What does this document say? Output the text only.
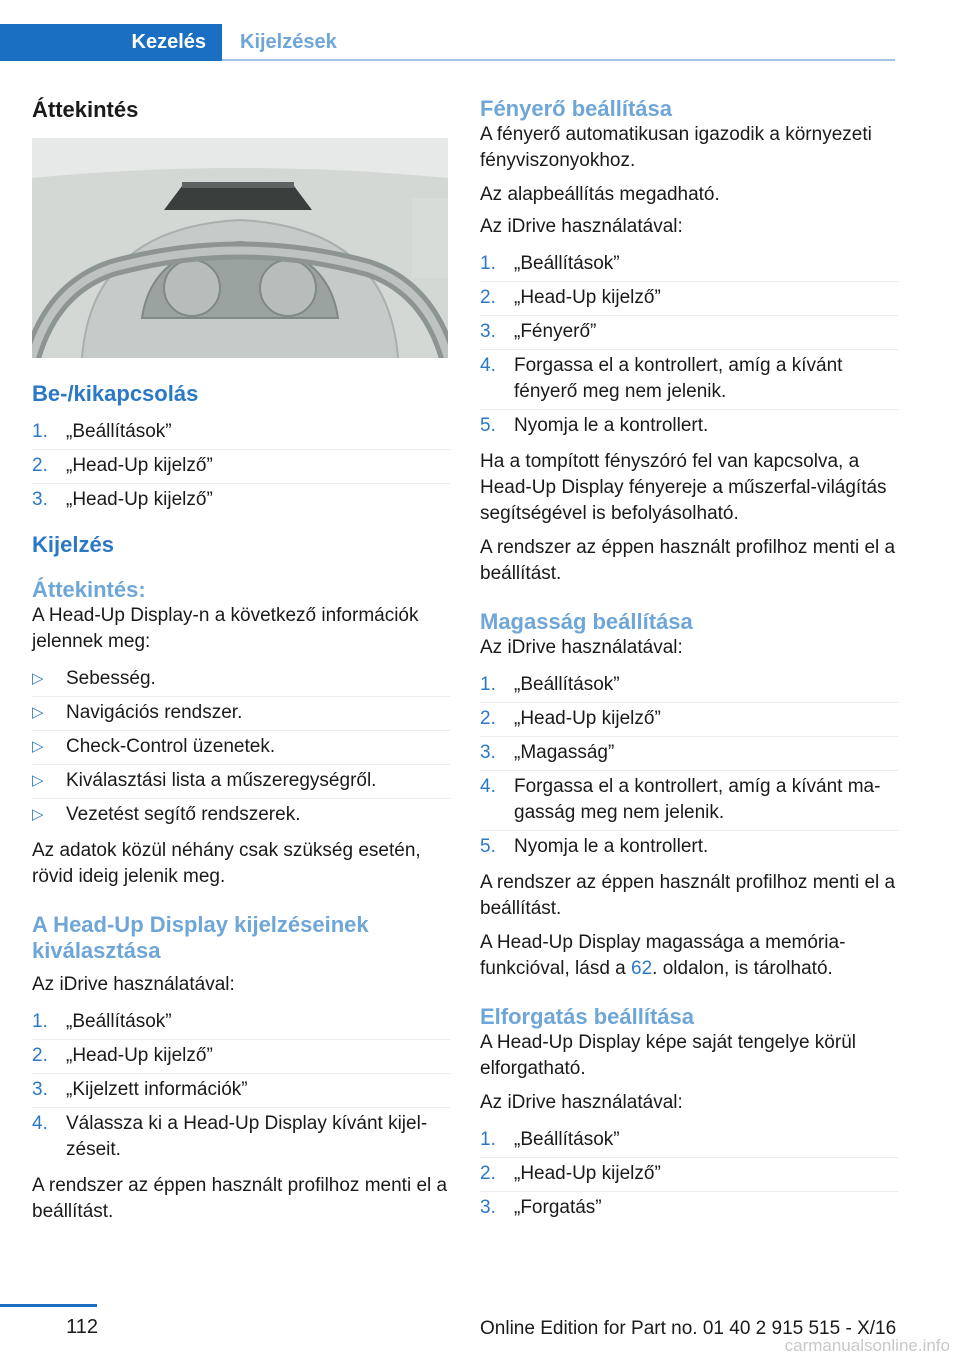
Kezelés	Kijelzések
Áttekintés
Be-/kikapcsolás
1. „Beállítások”
2. „Head-Up kijelző”
3. „Head-Up kijelző”
Kijelzés
Áttekintés:

A Head-Up Display-n a következő információk jelennek meg:

▷ Sebesség.
▷ Navigációs rendszer.
▷ Check-Control üzenetek.
▷ Kiválasztási lista a műszeregységről.
▷ Vezetést segítő rendszerek.

Az adatok közül néhány csak szükség esetén, rövid ideig jelenik meg.

A Head-Up Display kijelzéseinek kiválasztása

Az iDrive használatával:

1. „Beállítások”
2. „Head-Up kijelző”
3. „Kijelzett információk”
4. Válassza ki a Head-Up Display kívánt kijelzéseit.

A rendszer az éppen használt profilhoz menti el a beállítást.

Fényerő beállítása

A fényerő automatikusan igazodik a környezeti fényviszonyokhoz.

Az alapbeállítás megadható.

Az iDrive használatával:

1. „Beállítások”
2. „Head-Up kijelző”
3. „Fényerő”
4. Forgassa el a kontrollert, amíg a kívánt fényerő meg nem jelenik.
5. Nyomja le a kontrollert.

Ha a tompított fényszóró fel van kapcsolva, a Head-Up Display fényereje a műszerfal-világítás segítségével is befolyásolható.

A rendszer az éppen használt profilhoz menti el a beállítást.

Magasság beállítása

Az iDrive használatával:

1. „Beállítások”
2. „Head-Up kijelző”
3. „Magasság”
4. Forgassa el a kontrollert, amíg a kívánt magasság meg nem jelenik.
5. Nyomja le a kontrollert.

A rendszer az éppen használt profilhoz menti el a beállítást.

A Head-Up Display magassága a memóriafunkcióval, lásd a 62. oldalon, is tárolható.

Elforgatás beállítása

A Head-Up Display képe saját tengelye körül elforgatható.

Az iDrive használatával:

1. „Beállítások”
2. „Head-Up kijelző”
3. „Forgatás”
112	Online Edition for Part no. 01 40 2 915 515 - X/16
carmanualsonline.info
